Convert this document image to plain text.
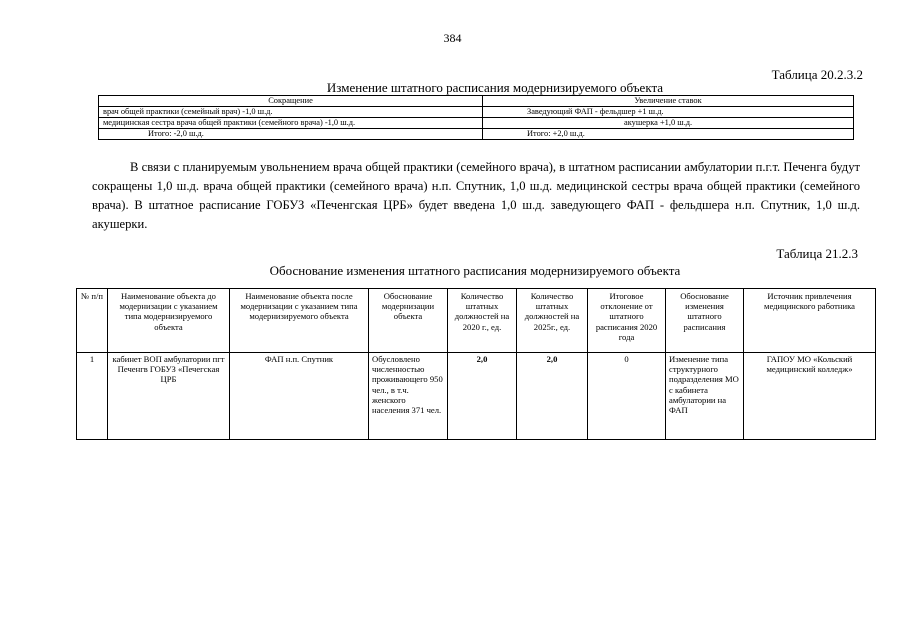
384
Таблица 20.2.3.2
Изменение штатного расписания модернизируемого объекта
Сокращение	Увеличение ставок
врач общей практики (семейный врач) -1,0 ш.д.	Заведующий ФАП - фельдшер +1 ш.д.
медицинская сестра врача общей практики (семейного врача) -1,0 ш.д.	акушерка +1,0 ш.д.
Итого: -2,0 ш.д.	Итого: +2,0 ш.д.

В связи с планируемым увольнением врача общей практики (семейного врача), в штатном расписании амбулатории п.г.т. Печенга будут сокращены 1,0 ш.д. врача общей практики (семейного врача) н.п. Спутник, 1,0 ш.д. медицинской сестры врача общей практики (семейного врача). В штатное расписание ГОБУЗ «Печенгская ЦРБ» будет введена 1,0 ш.д. заведующего ФАП - фельдшера н.п. Спутник, 1,0 ш.д. акушерки.

Таблица 21.2.3
Обоснование изменения штатного расписания модернизируемого объекта
№ п/п	Наименование объекта до модернизации с указанием типа модернизируемого объекта	Наименование объекта после модернизации с указанием типа модернизируемого объекта	Обоснование модернизации объекта	Количество штатных должностей на 2020 г., ед.	Количество штатных должностей на 2025г., ед.	Итоговое отклонение от штатного расписания 2020 года	Обоснование изменения штатного расписания	Источник привлечения медицинского работника
1	кабинет ВОП амбулатории пгт Печенгв ГОБУЗ «Печегская ЦРБ	ФАП н.п. Спутник	Обусловлено численностью проживающего 950 чел., в т.ч. женского населения 371 чел.	2,0	2,0	0	Изменение типа структурного подразделения МО с кабинета амбулатории на ФАП	ГАПОУ МО «Кольский медицинский колледж»
